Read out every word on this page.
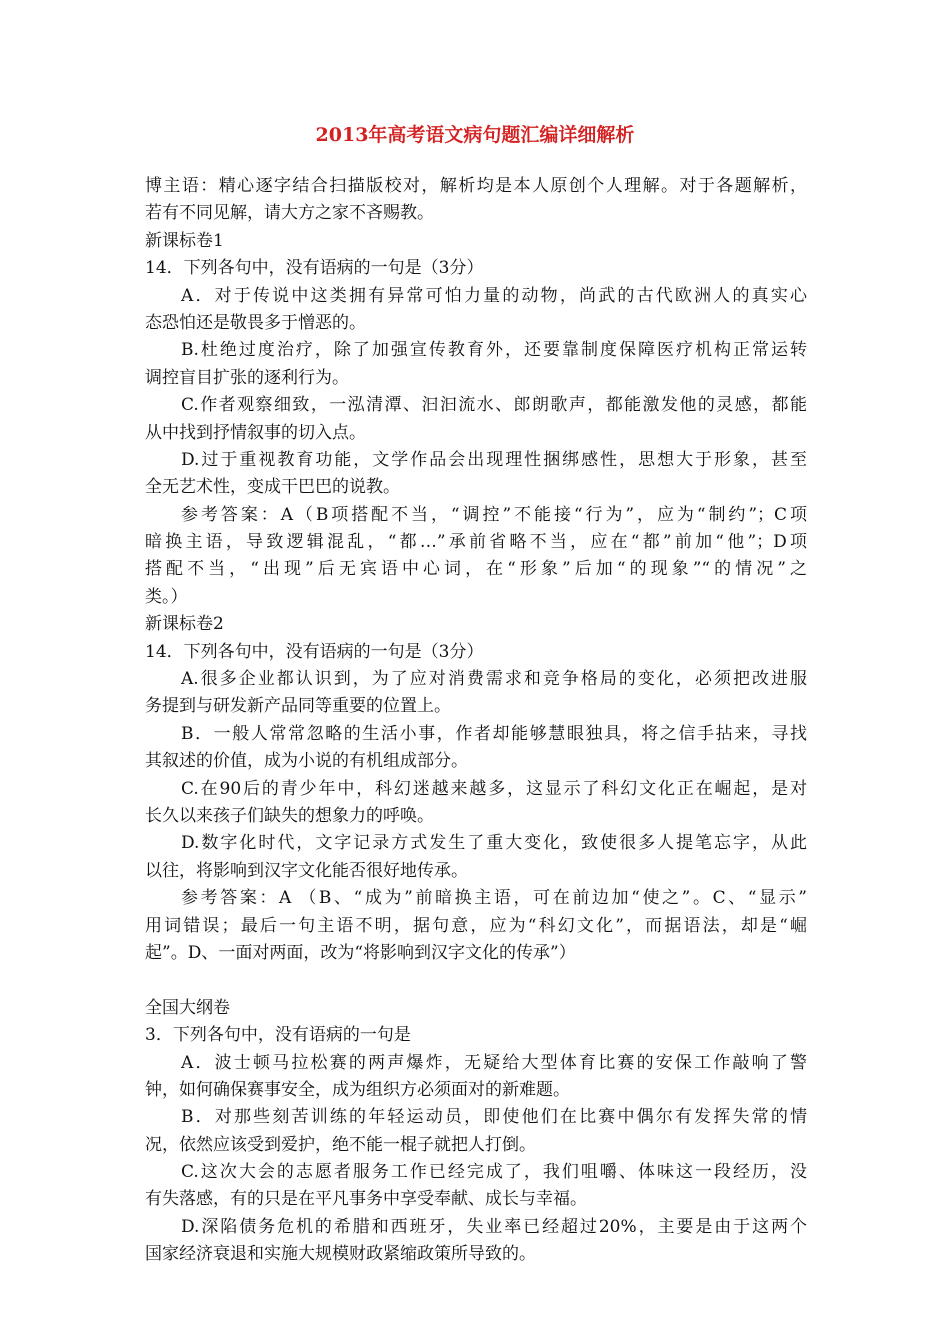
2013年高考语文病句题汇编详细解析
博主语：精心逐字结合扫描版校对，解析均是本人原创个人理解。对于各题解析，
若有不同见解，请大方之家不吝赐教。
新课标卷1
14．下列各句中，没有语病的一句是（3分）
A．对于传说中这类拥有异常可怕力量的动物，尚武的古代欧洲人的真实心
态恐怕还是敬畏多于憎恶的。
B.杜绝过度治疗，除了加强宣传教育外，还要靠制度保障医疗机构正常运转
调控盲目扩张的逐利行为。
C.作者观察细致，一泓清潭、汩汩流水、郎朗歌声，都能激发他的灵感，都能
从中找到抒情叙事的切入点。
D.过于重视教育功能，文学作品会出现理性捆绑感性，思想大于形象，甚至
全无艺术性，变成干巴巴的说教。
参考答案：A（B项搭配不当，“调控”不能接“行为”，应为“制约”；C项
暗换主语，导致逻辑混乱，“都…”承前省略不当，应在“都”前加“他”；D项
搭配不当，“出现”后无宾语中心词，在“形象”后加“的现象”“的情况”之
类。）
新课标卷2
14．下列各句中，没有语病的一句是（3分）
A.很多企业都认识到，为了应对消费需求和竞争格局的变化，必须把改进服
务提到与研发新产品同等重要的位置上。
B．一般人常常忽略的生活小事，作者却能够慧眼独具，将之信手拈来，寻找
其叙述的价值，成为小说的有机组成部分。
C.在90后的青少年中，科幻迷越来越多，这显示了科幻文化正在崛起，是对
长久以来孩子们缺失的想象力的呼唤。
D.数字化时代，文字记录方式发生了重大变化，致使很多人提笔忘字，从此
以往，将影响到汉字文化能否很好地传承。
参考答案：A （B、“成为”前暗换主语，可在前边加“使之”。C、“显示”
用词错误；最后一句主语不明，据句意，应为“科幻文化”，而据语法，却是“崛
起”。D、一面对两面，改为“将影响到汉字文化的传承”）
全国大纲卷
3．下列各句中，没有语病的一句是
A．波士顿马拉松赛的两声爆炸，无疑给大型体育比赛的安保工作敲响了警
钟，如何确保赛事安全，成为组织方必须面对的新难题。
B．对那些刻苦训练的年轻运动员，即使他们在比赛中偶尔有发挥失常的情
况，依然应该受到爱护，绝不能一棍子就把人打倒。
C.这次大会的志愿者服务工作已经完成了，我们咀嚼、体味这一段经历，没
有失落感，有的只是在平凡事务中享受奉献、成长与幸福。
D.深陷债务危机的希腊和西班牙，失业率已经超过20%，主要是由于这两个
国家经济衰退和实施大规模财政紧缩政策所导致的。
